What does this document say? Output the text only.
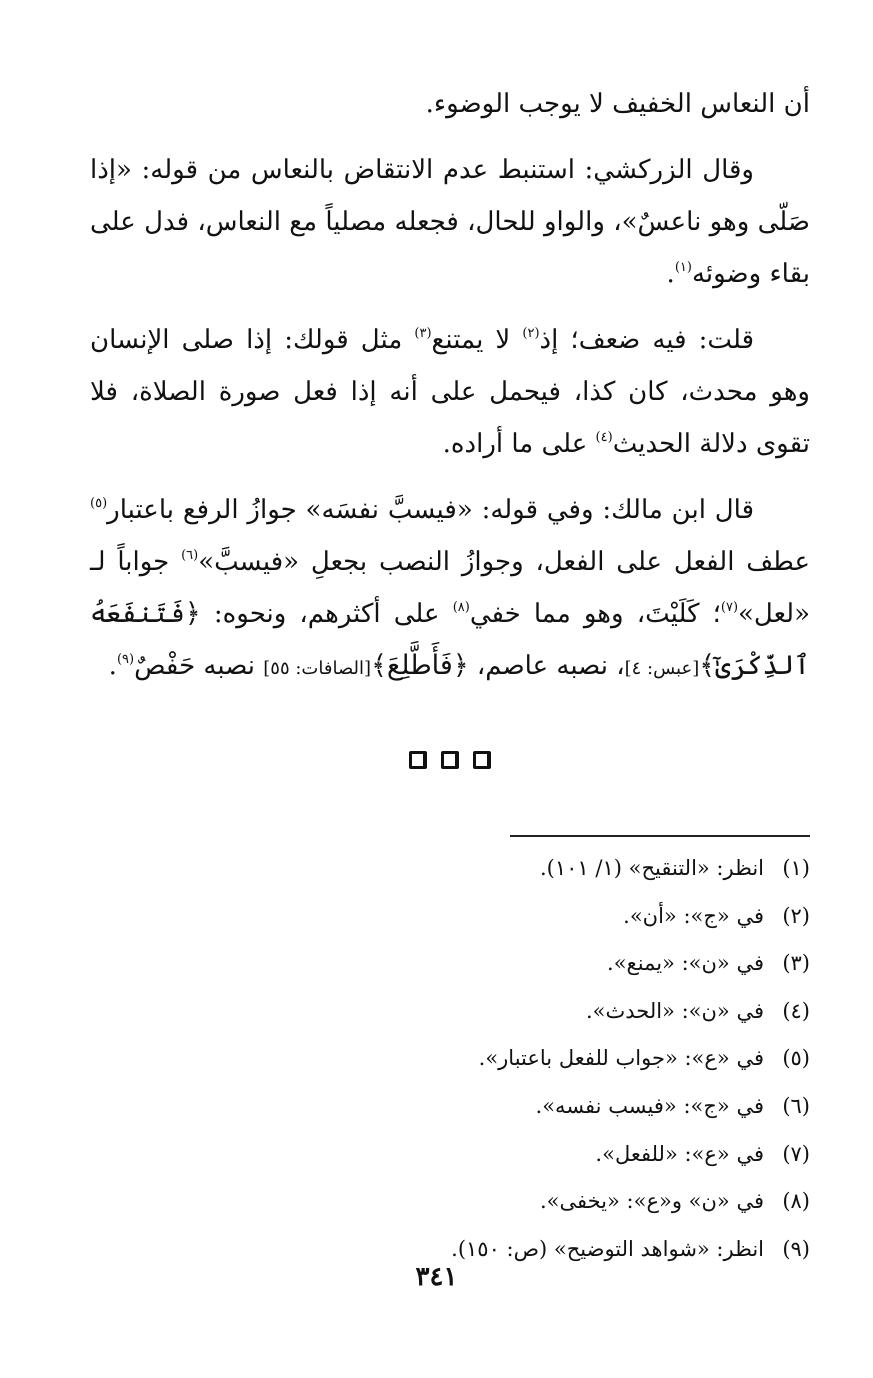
أن النعاس الخفيف لا يوجب الوضوء.

وقال الزركشي: استنبط عدم الانتقاض بالنعاس من قوله: «إذا صَلّى وهو ناعسٌ»، والواو للحال، فجعله مصلياً مع النعاس، فدل على بقاء وضوئه$^{(١)}$.

قلت: فيه ضعف؛ إذ$^{(٢)}$ لا يمتنع$^{(٣)}$ مثل قولك: إذا صلى الإنسان وهو محدث، كان كذا، فيحمل على أنه إذا فعل صورة الصلاة، فلا تقوى دلالة الحديث$^{(٤)}$ على ما أراده.

قال ابن مالك: وفي قوله: «فيسبَّ نفسَه» جوازُ الرفع باعتبار$^{(٥)}$ عطف الفعل على الفعل، وجوازُ النصب بجعلِ «فيسبَّ»$^{(٦)}$ جواباً لـ «لعل»$^{(٧)}$؛ كَلَيْتَ، وهو مما خفي$^{(٨)}$ على أكثرهم، ونحوه: ﴿فَتَنفَعَهُ ٱلذِّكْرَىٰٓ﴾[عبس: ٤]، نصبه عاصم، ﴿فَأَطَّلِعَ﴾[الصافات: ٥٥] نصبه حَفْصٌ$^{(٩)}$.

(١)انظر: «التنقيح» (١/ ١٠١).
(٢)في «ج»: «أن».
(٣)في «ن»: «يمنع».
(٤)في «ن»: «الحدث».
(٥)في «ع»: «جواب للفعل باعتبار».
(٦)في «ج»: «فيسب نفسه».
(٧)في «ع»: «للفعل».
(٨)في «ن» و«ع»: «يخفى».
(٩)انظر: «شواهد التوضيح» (ص: ١٥٠).
٣٤١
